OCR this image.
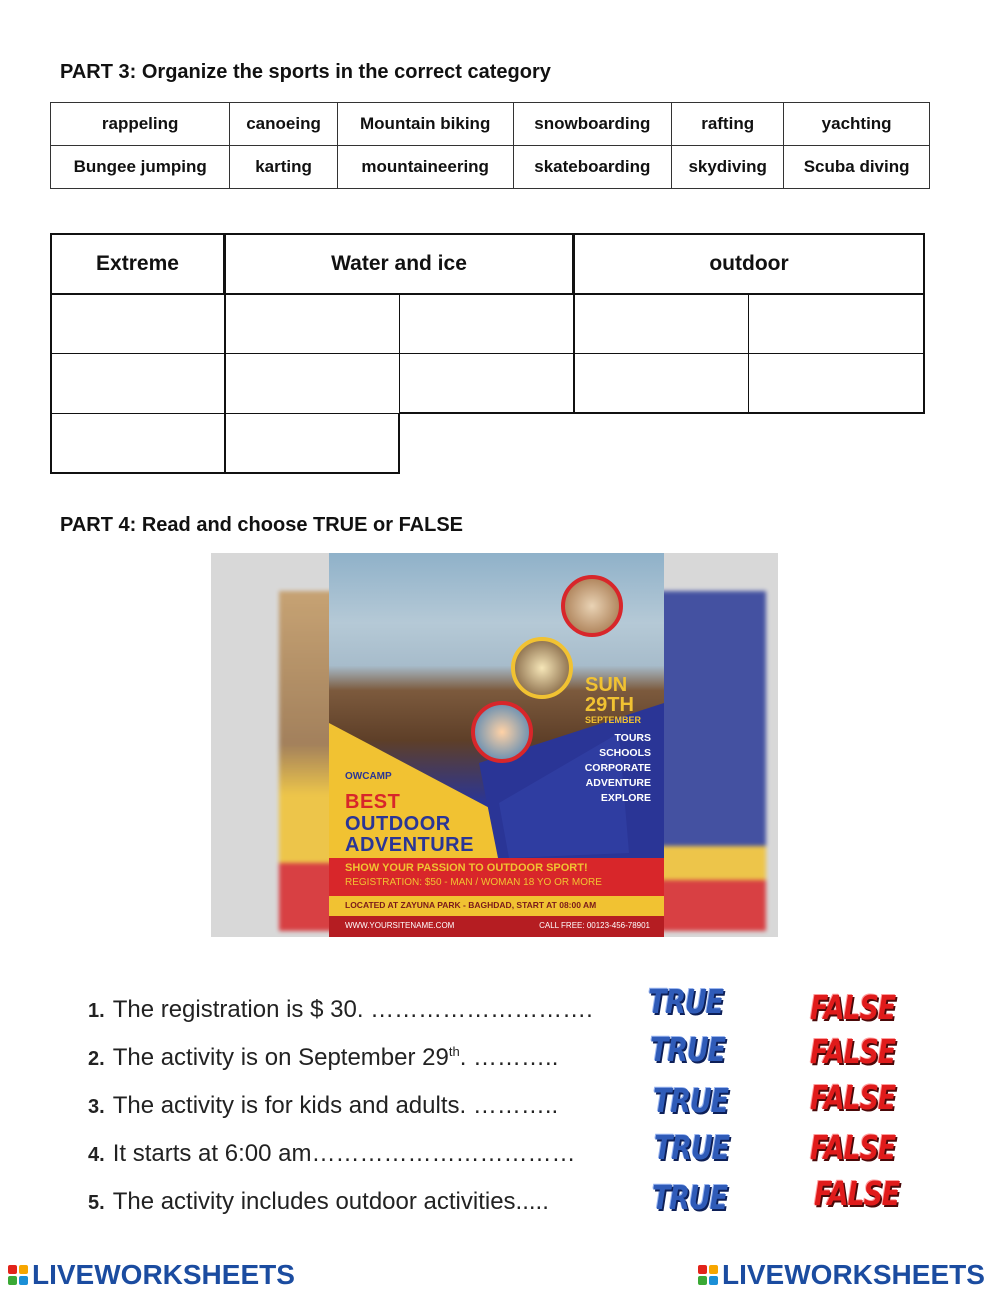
PART 3: Organize the sports in the correct category
rappeling	canoeing	Mountain biking	snowboarding	rafting	yachting
Bungee jumping	karting	mountaineering	skateboarding	skydiving	Scuba diving
Extreme	Water and ice	outdoor
PART 4: Read and choose TRUE or FALSE
SUN
29TH
SEPTEMBER
TOURS
SCHOOLS
CORPORATE
ADVENTURE
EXPLORE
OWCAMP
BEST
OUTDOOR
ADVENTURE
SHOW YOUR PASSION TO OUTDOOR SPORT!
REGISTRATION: $50 - MAN / WOMAN 18 YO OR MORE
LOCATED AT ZAYUNA PARK - BAGHDAD, START AT 08:00 AM
WWW.YOURSITENAME.COM	CALL FREE: 00123-456-78901
1. The registration is $ 30. ………………………. TRUE	FALSE
2. The activity is on September 29th. ………..	TRUE	FALSE
3. The activity is for kids and adults. ………..	TRUE FALSE
4. It starts at 6:00 am…………………………… TRUE FALSE
5. The activity includes outdoor activities.....	TRUE	FALSE
LIVEWORKSHEETS	LIVEWORKSHEETS
